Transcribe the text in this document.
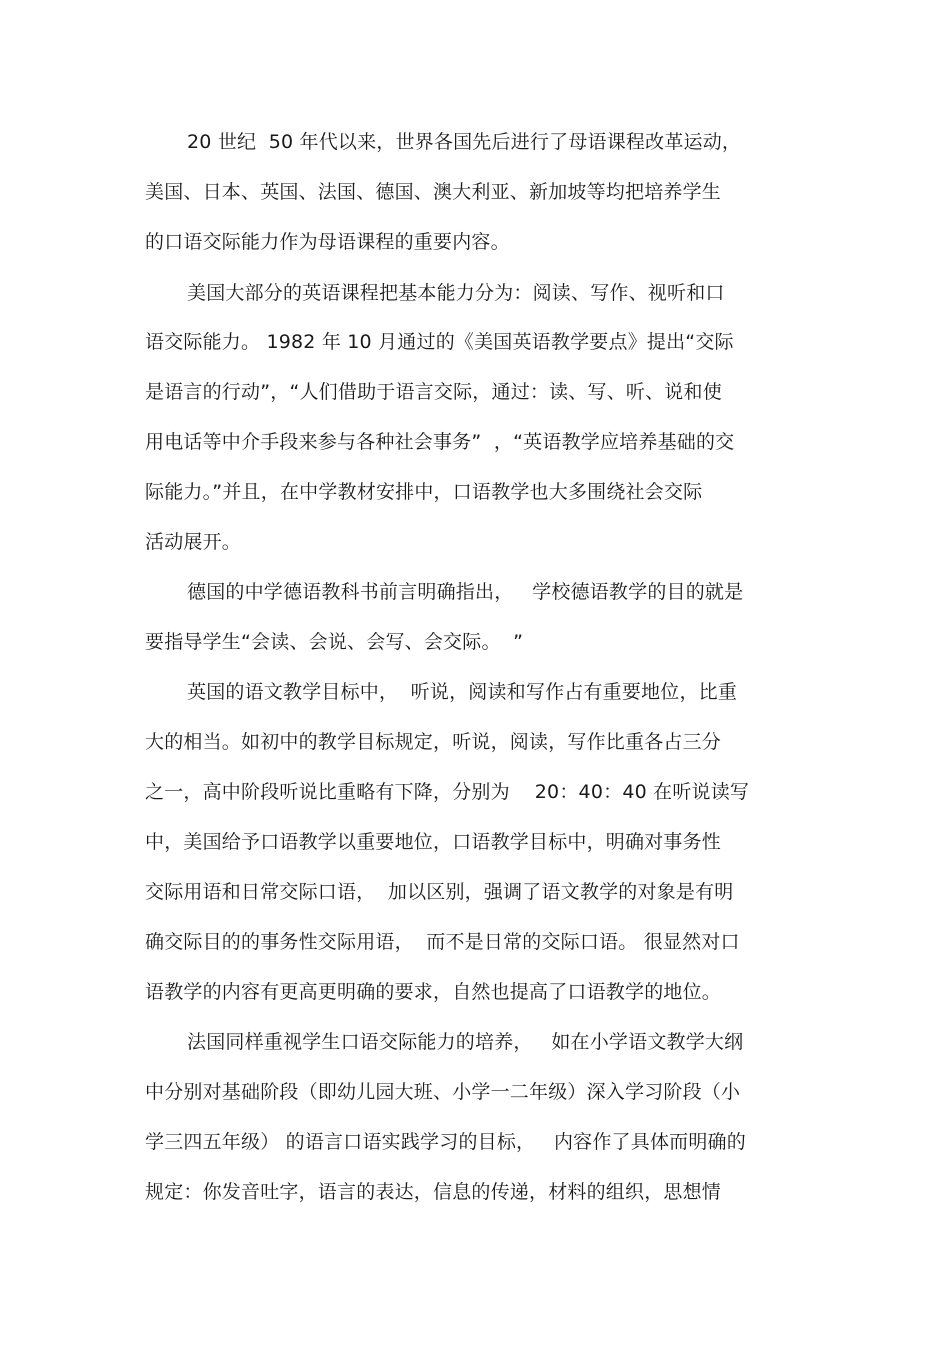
20 世纪  50 年代以来，世界各国先后进行了母语课程改革运动，
美国、日本、英国、法国、德国、澳大利亚、新加坡等均把培养学生
的口语交际能力作为母语课程的重要内容。
美国大部分的英语课程把基本能力分为：阅读、写作、视听和口
语交际能力。 1982 年 10 月通过的《美国英语教学要点》提出“交际
是语言的行动”，“人们借助于语言交际，通过：读、写、听、说和使
用电话等中介手段来参与各种社会事务”  ，“英语教学应培养基础的交
际能力。”并且，在中学教材安排中，口语教学也大多围绕社会交际
活动展开。
德国的中学德语教科书前言明确指出，   学校德语教学的目的就是
要指导学生“会读、会说、会写、会交际。  ”
英国的语文教学目标中，  听说，阅读和写作占有重要地位，比重
大的相当。如初中的教学目标规定，听说，阅读，写作比重各占三分
之一，高中阶段听说比重略有下降，分别为    20：40：40 在听说读写
中，美国给予口语教学以重要地位，口语教学目标中，明确对事务性
交际用语和日常交际口语，  加以区别，强调了语文教学的对象是有明
确交际目的的事务性交际用语，  而不是日常的交际口语。 很显然对口
语教学的内容有更高更明确的要求，自然也提高了口语教学的地位。
法国同样重视学生口语交际能力的培养，   如在小学语文教学大纲
中分别对基础阶段（即幼儿园大班、小学一二年级）深入学习阶段（小
学三四五年级） 的语言口语实践学习的目标，   内容作了具体而明确的
规定：你发音吐字，语言的表达，信息的传递，材料的组织，思想情
